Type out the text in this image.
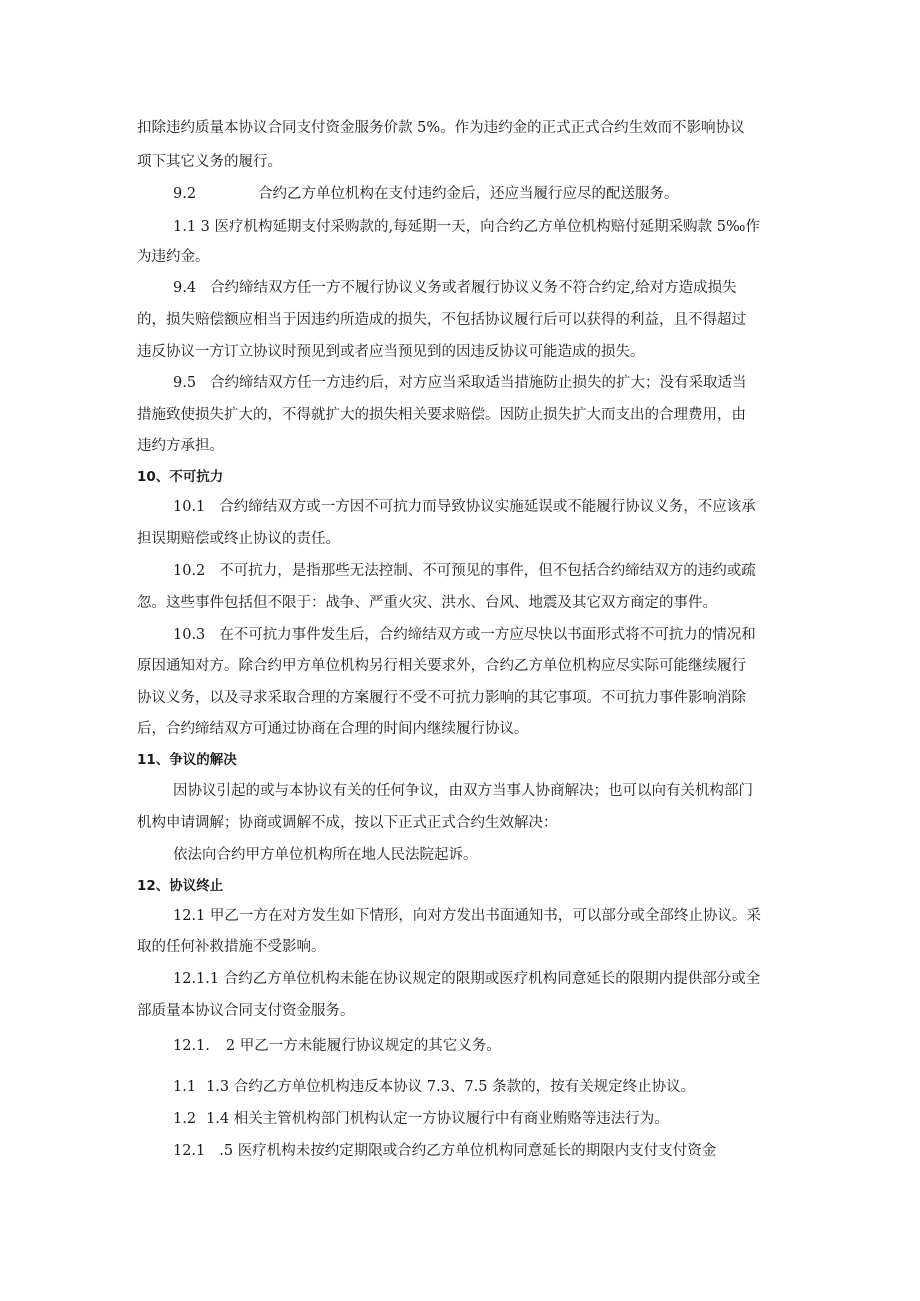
扣除违约质量本协议合同支付资金服务价款 5%。作为违约金的正式正式合约生效而不影响协议
项下其它义务的履行。
9.2	合约乙方单位机构在支付违约金后，还应当履行应尽的配送服务。
1.1 3 医疗机构延期支付采购款的,每延期一天，向合约乙方单位机构赔付延期采购款 5‰作
为违约金。
9.4 合约缔结双方任一方不履行协议义务或者履行协议义务不符合约定,给对方造成损失
的，损失赔偿额应相当于因违约所造成的损失，不包括协议履行后可以获得的利益，且不得超过
违反协议一方订立协议时预见到或者应当预见到的因违反协议可能造成的损失。
9.5 合约缔结双方任一方违约后，对方应当采取适当措施防止损失的扩大；没有采取适当
措施致使损失扩大的，不得就扩大的损失相关要求赔偿。因防止损失扩大而支出的合理费用，由
违约方承担。
10、不可抗力
10.1 合约缔结双方或一方因不可抗力而导致协议实施延误或不能履行协议义务，不应该承
担误期赔偿或终止协议的责任。
10.2 不可抗力，是指那些无法控制、不可预见的事件，但不包括合约缔结双方的违约或疏
忽。这些事件包括但不限于：战争、严重火灾、洪水、台风、地震及其它双方商定的事件。
10.3 在不可抗力事件发生后，合约缔结双方或一方应尽快以书面形式将不可抗力的情况和
原因通知对方。除合约甲方单位机构另行相关要求外，合约乙方单位机构应尽实际可能继续履行
协议义务，以及寻求采取合理的方案履行不受不可抗力影响的其它事项。不可抗力事件影响消除
后，合约缔结双方可通过协商在合理的时间内继续履行协议。
11、争议的解决
因协议引起的或与本协议有关的任何争议，由双方当事人协商解决；也可以向有关机构部门
机构申请调解；协商或调解不成，按以下正式正式合约生效解决：
依法向合约甲方单位机构所在地人民法院起诉。
12、协议终止
12.1 甲乙一方在对方发生如下情形，向对方发出书面通知书，可以部分或全部终止协议。采
取的任何补救措施不受影响。
12.1.1 合约乙方单位机构未能在协议规定的限期或医疗机构同意延长的限期内提供部分或全
部质量本协议合同支付资金服务。
12.1. 2 甲乙一方未能履行协议规定的其它义务。
1.1 1.3 合约乙方单位机构违反本协议 7.3、7.5 条款的，按有关规定终止协议。
1.2 1.4 相关主管机构部门机构认定一方协议履行中有商业贿赂等违法行为。
12.1 .5 医疗机构未按约定期限或合约乙方单位机构同意延长的期限内支付支付资金
